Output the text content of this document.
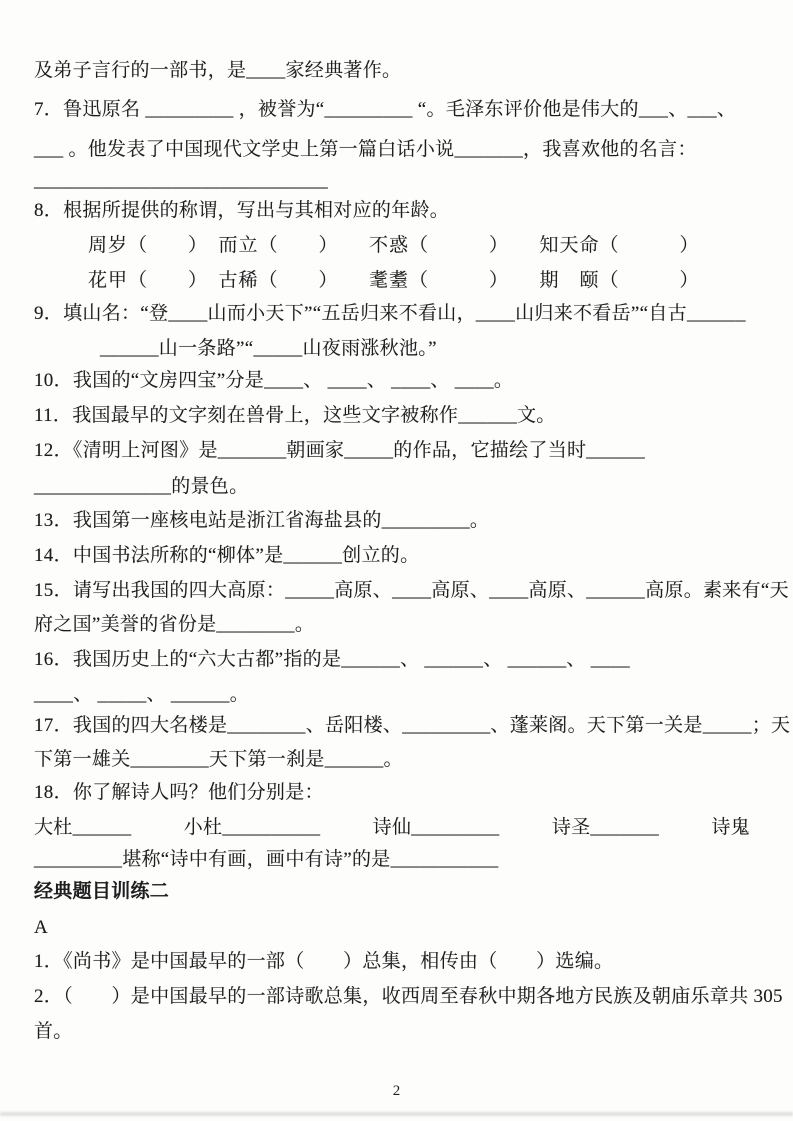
及弟子言行的一部书，是____家经典著作。
7．鲁迅原名 _________ ，被誉为“_________ “。毛泽东评价他是伟大的___、___、
___ 。他发表了中国现代文学史上第一篇白话小说_______，我喜欢他的名言：
______________________________
8．根据所提供的称谓，写出与其相对应的年龄。
周岁（　　）　而立（　　）　　不惑（　　　）　　知天命（　　　）
花甲（　　）　古稀（　　）　　耄耋（　　　）　　期　颐（　　　）
9．填山名：“登____山而小天下”“五岳归来不看山，____山归来不看岳”“自古______
______山一条路”“_____山夜雨涨秋池。”
10．我国的“文房四宝”分是____、 ____、 ____、 ____。
11．我国最早的文字刻在兽骨上，这些文字被称作______文。
12．《清明上河图》是_______朝画家_____的作品，它描绘了当时______
______________的景色。
13．我国第一座核电站是浙江省海盐县的_________。
14．中国书法所称的“柳体”是______创立的。
15．请写出我国的四大高原：_____高原、____高原、____高原、______高原。素来有“天
府之国”美誉的省份是________。
16．我国历史上的“六大古都”指的是______、 ______、 ______、 ____
____、 _____、 ______。
17．我国的四大名楼是________、岳阳楼、_________、蓬莱阁。天下第一关是_____；天
下第一雄关________天下第一刹是______。
18．你了解诗人吗？他们分别是：
大杜______	小杜__________	诗仙_________	诗圣_______	诗鬼
_________堪称“诗中有画，画中有诗”的是___________
经典题目训练二
A
1．《尚书》是中国最早的一部（　　）总集，相传由（　　）选编。
2．（　　）是中国最早的一部诗歌总集，收西周至春秋中期各地方民族及朝庙乐章共 305
首。
2
